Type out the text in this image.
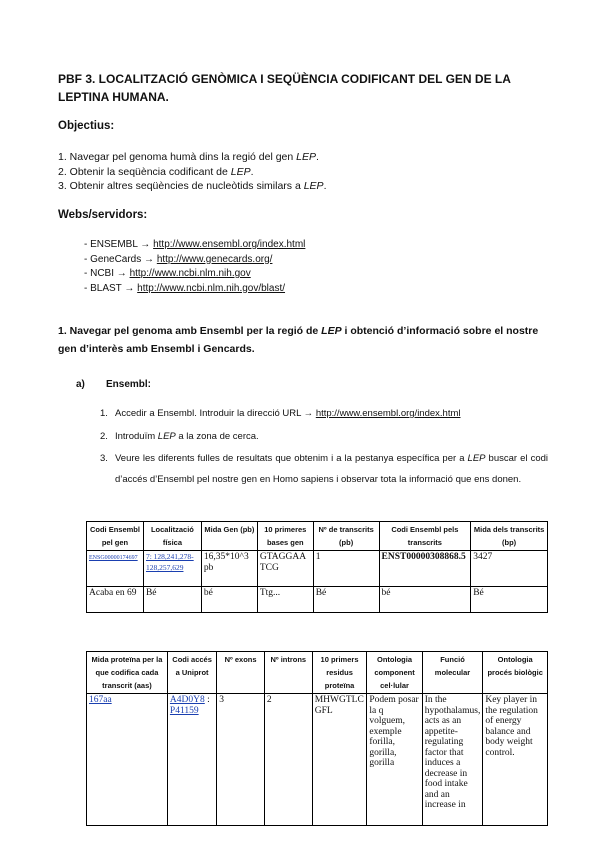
PBF 3. LOCALITZACIÓ GENÒMICA I SEQÜÈNCIA CODIFICANT DEL GEN DE LA LEPTINA HUMANA.
Objectius:
1. Navegar pel genoma humà dins la regió del gen LEP.
2. Obtenir la seqüència codificant de LEP.
3. Obtenir altres seqüències de nucleòtids similars a LEP.
Webs/servidors:
- ENSEMBL → http://www.ensembl.org/index.html
- GeneCards → http://www.genecards.org/
- NCBI → http://www.ncbi.nlm.nih.gov
- BLAST → http://www.ncbi.nlm.nih.gov/blast/
1. Navegar pel genoma amb Ensembl per la regió de LEP i obtenció d’informació sobre el nostre gen d’interès amb Ensembl i Gencards.
a) Ensembl:
1. Accedir a Ensembl. Introduir la direcció URL → http://www.ensembl.org/index.html
2. Introduïm LEP a la zona de cerca.
3. Veure les diferents fulles de resultats que obtenim i a la pestanya específica per a LEP buscar el codi d’accés d’Ensembl pel nostre gen en Homo sapiens i observar tota la informació que ens donen.
Codi Ensembl pel gen	Localització física	Mida Gen (pb)	10 primeres bases gen	Nº de transcrits (pb)	Codi Ensembl pels transcrits	Mida dels transcrits (bp)
ENSG00000174697	7: 128,241,278-128,257,629	16,35*10^3 pb	GTAGGAATCG	1	ENST00000308868.5	3427
Acaba en 69	Bé	bé	Ttg...	Bé	bé	Bé
Mida proteïna per la que codifica cada transcrit (aas)	Codi accés a Uniprot	Nº exons	Nº introns	10 primers residus proteïna	Ontologia component cel·lular	Funció molecular	Ontologia procés biològic
167aa	A4D0Y8 : P41159	3	2	MHWGTLCGFL	Podem posar la q volguem, exemple forilla, gorilla, gorilla	In the hypothalamus, acts as an appetite-regulating factor that induces a decrease in food intake and an increase in	Key player in the regulation of energy balance and body weight control.
